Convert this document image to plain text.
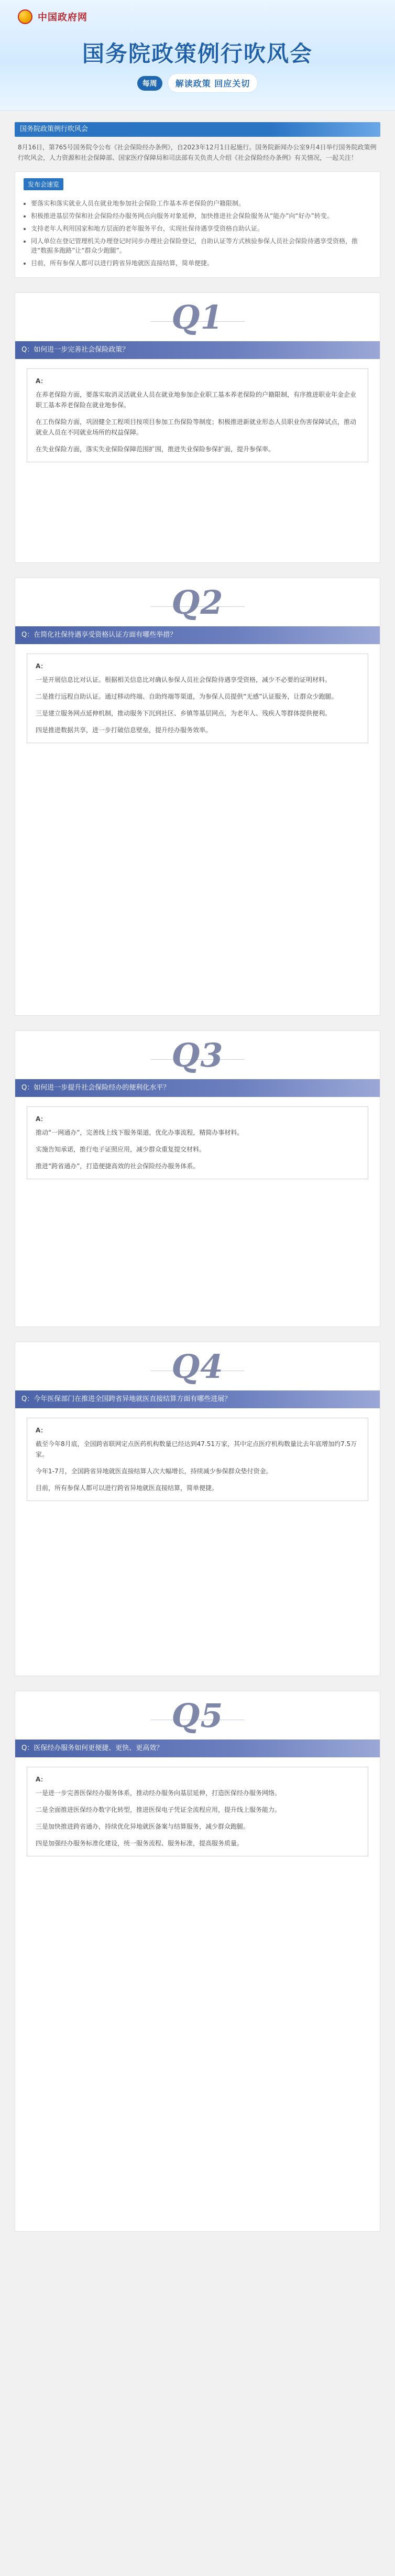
中国政府网
国务院政策例行吹风会
每周	解读政策 回应关切
国务院政策例行吹风会
8月16日，第765号国务院令公布《社会保险经办条例》，自2023年12月1日起施行。国务院新闻办公室9月4日举行国务院政策例行吹风会，人力资源和社会保障部、国家医疗保障局和司法部有关负责人介绍《社会保险经办条例》有关情况，一起关注！
发布会速览
• 要落实和落实就业人员在就业地参加社会保险工作基本养老保险的户籍限制。
• 积极推进基层劳保和社会保险经办服务网点向服务对象延伸，加快推进社会保险服务从“能办”向“好办”转变。
• 支持老年人利用国家和地方层面的老年服务平台，实现社保待遇享受资格自助认证。
• 同人单位在登记管理机关办理登记时同步办理社会保险登记，自助认证等方式核验参保人员社会保险待遇享受资格，推进“数据多跑路”让“群众少跑腿”。
• 目前，所有参保人都可以进行跨省异地就医直接结算，简单便捷。
Q1
Q：如何进一步完善社会保险政策？
A：

在养老保险方面，要落实取消灵活就业人员在就业地参加企业职工基本养老保险的户籍限制，有序推进职业年金企业职工基本养老保险在就业地参保。

在工伤保险方面，巩固健全工程项目按项目参加工伤保险等制度；积极推进新就业形态人员职业伤害保障试点，推动就业人员在不同就业场所的权益保障。

在失业保险方面，落实失业保险保障范围扩围，推进失业保险参保扩面，提升参保率。

Q2
Q：在简化社保待遇享受资格认证方面有哪些举措？
A：

一是开展信息比对认证。根据相关信息比对确认参保人员社会保险待遇享受资格，减少不必要的证明材料。

二是推行远程自助认证。通过移动终端、自助终端等渠道，为参保人员提供“无感”认证服务，让群众少跑腿。

三是建立服务网点延伸机制，推动服务下沉到社区、乡镇等基层网点，为老年人、残疾人等群体提供便利。

四是推进数据共享，进一步打破信息壁垒，提升经办服务效率。

Q3
Q：如何进一步提升社会保险经办的便利化水平？
A：

推动“一网通办”，完善线上线下服务渠道，优化办事流程，精简办事材料。

实施告知承诺，推行电子证照应用，减少群众重复提交材料。

推进“跨省通办”，打造便捷高效的社会保险经办服务体系。

Q4
Q：今年医保部门在推进全国跨省异地就医直接结算方面有哪些进展？
A：

截至今年8月底，全国跨省联网定点医药机构数量已经达到47.51万家，其中定点医疗机构数量比去年底增加约7.5万家。

今年1-7月，全国跨省异地就医直接结算人次大幅增长，持续减少参保群众垫付资金。

目前，所有参保人都可以进行跨省异地就医直接结算，简单便捷。

Q5
Q：医保经办服务如何更便捷、更快、更高效？
A：

一是进一步完善医保经办服务体系，推动经办服务向基层延伸，打造医保经办服务网络。

二是全面推进医保经办数字化转型，推进医保电子凭证全流程应用，提升线上服务能力。

三是加快推进跨省通办，持续优化异地就医备案与结算服务，减少群众跑腿。

四是加强经办服务标准化建设，统一服务流程、服务标准，提高服务质量。
